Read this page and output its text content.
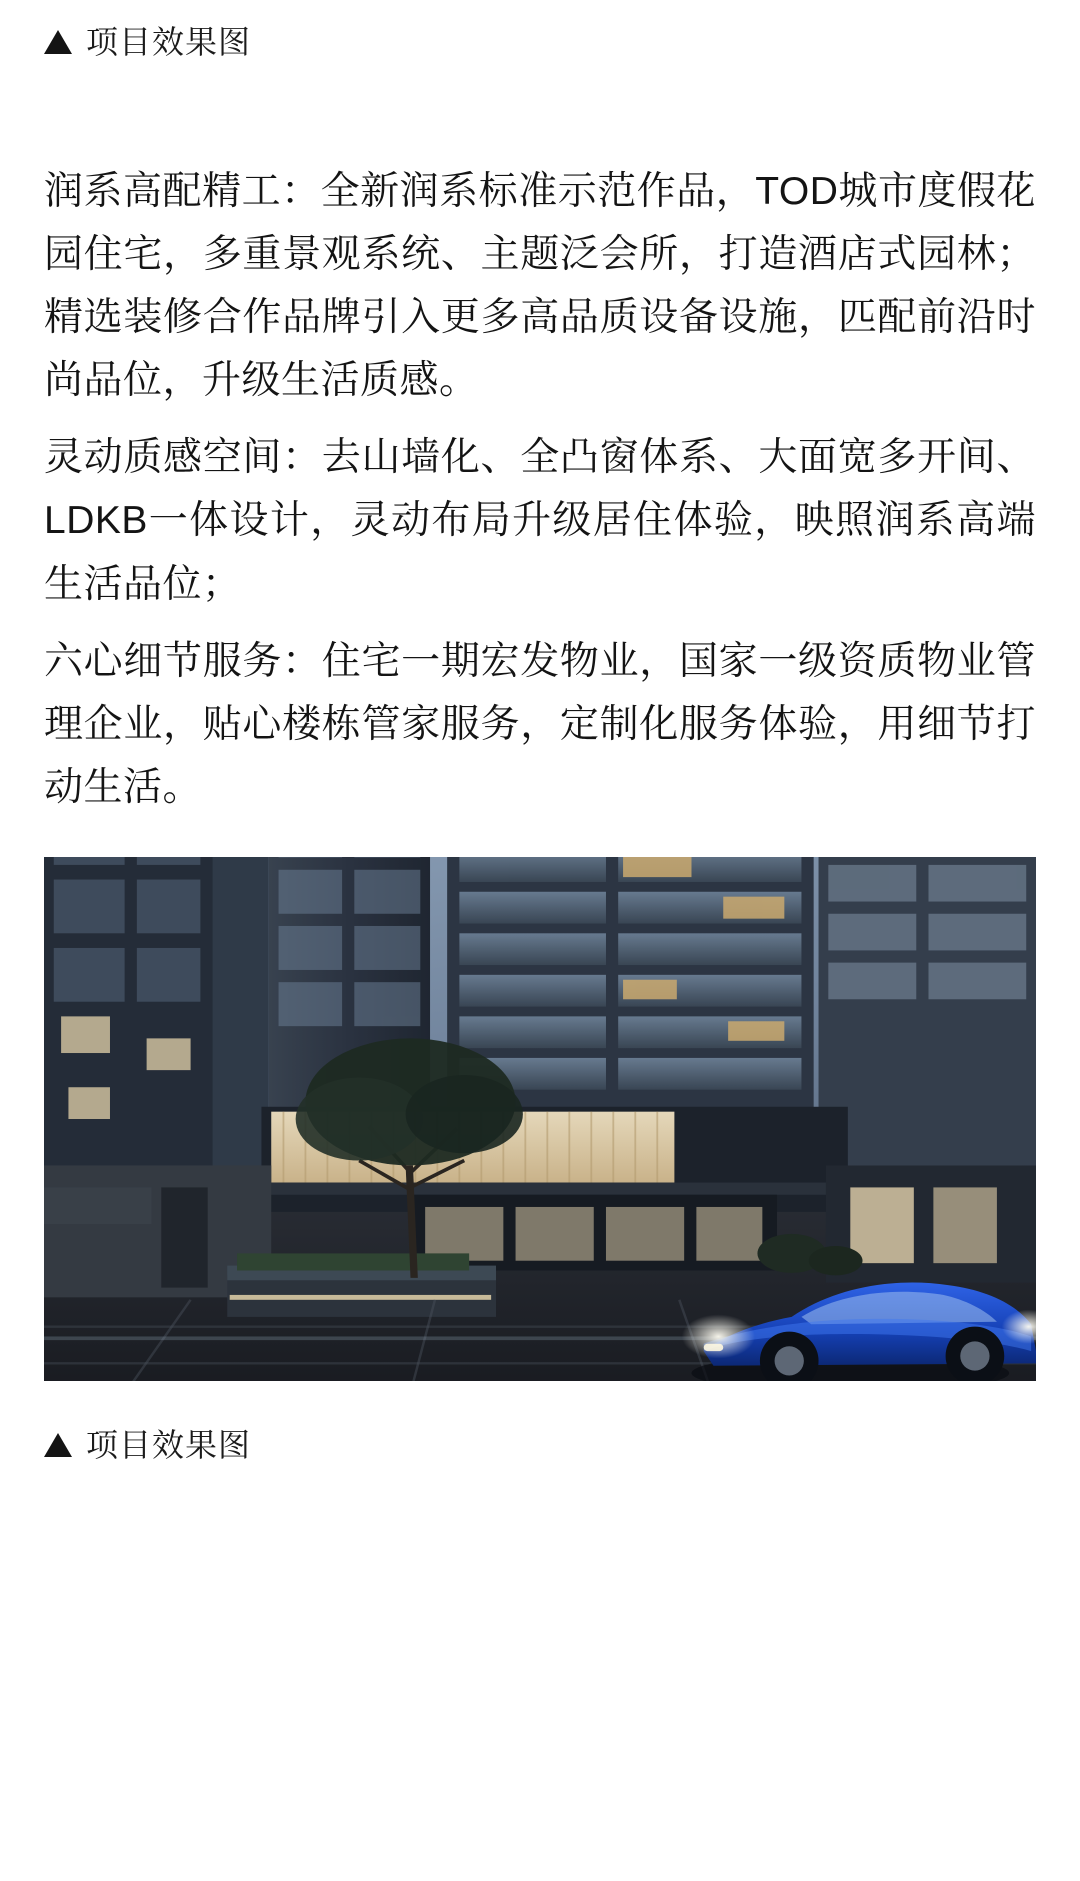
项目效果图

润系高配精工：全新润系标准示范作品，TOD城市度假花园住宅，多重景观系统、主题泛会所，打造酒店式园林；精选装修合作品牌引入更多高品质设备设施，匹配前沿时尚品位，升级生活质感。

灵动质感空间：去山墙化、全凸窗体系、大面宽多开间、LDKB一体设计，灵动布局升级居住体验，映照润系高端生活品位；

六心细节服务：住宅一期宏发物业，国家一级资质物业管理企业，贴心楼栋管家服务，定制化服务体验，用细节打动生活。

项目效果图
